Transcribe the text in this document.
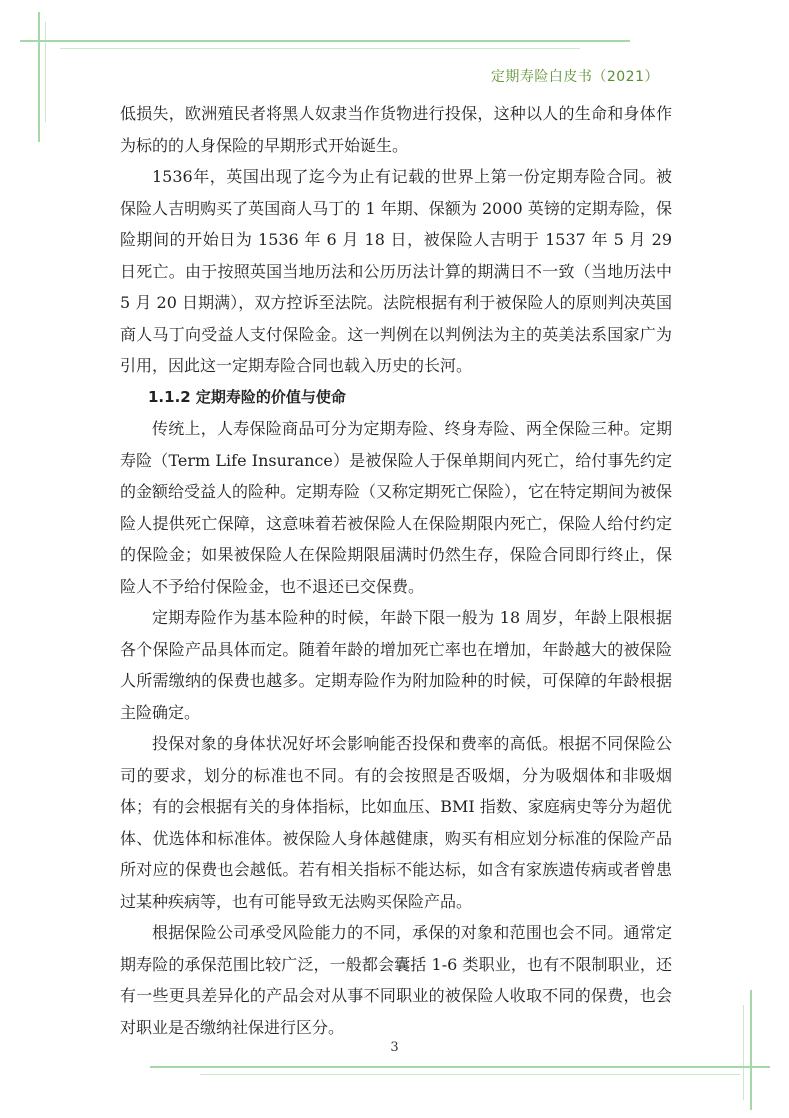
定期寿险白皮书（2021）

低损失，欧洲殖民者将黑人奴隶当作货物进行投保，这种以人的生命和身体作为标的的人身保险的早期形式开始诞生。

1536年，英国出现了迄今为止有记载的世界上第一份定期寿险合同。被保险人吉明购买了英国商人马丁的 1 年期、保额为 2000 英镑的定期寿险，保险期间的开始日为 1536 年 6 月 18 日，被保险人吉明于 1537 年 5 月 29 日死亡。由于按照英国当地历法和公历历法计算的期满日不一致（当地历法中 5 月 20 日期满），双方控诉至法院。法院根据有利于被保险人的原则判决英国商人马丁向受益人支付保险金。这一判例在以判例法为主的英美法系国家广为引用，因此这一定期寿险合同也载入历史的长河。

1.1.2 定期寿险的价值与使命

传统上，人寿保险商品可分为定期寿险、终身寿险、两全保险三种。定期寿险（Term Life Insurance）是被保险人于保单期间内死亡，给付事先约定的金额给受益人的险种。定期寿险（又称定期死亡保险），它在特定期间为被保险人提供死亡保障，这意味着若被保险人在保险期限内死亡，保险人给付约定的保险金；如果被保险人在保险期限届满时仍然生存，保险合同即行终止，保险人不予给付保险金，也不退还已交保费。

定期寿险作为基本险种的时候，年龄下限一般为 18 周岁，年龄上限根据各个保险产品具体而定。随着年龄的增加死亡率也在增加，年龄越大的被保险人所需缴纳的保费也越多。定期寿险作为附加险种的时候，可保障的年龄根据主险确定。

投保对象的身体状况好坏会影响能否投保和费率的高低。根据不同保险公司的要求，划分的标准也不同。有的会按照是否吸烟，分为吸烟体和非吸烟体；有的会根据有关的身体指标，比如血压、BMI 指数、家庭病史等分为超优体、优选体和标准体。被保险人身体越健康，购买有相应划分标准的保险产品所对应的保费也会越低。若有相关指标不能达标，如含有家族遗传病或者曾患过某种疾病等，也有可能导致无法购买保险产品。

根据保险公司承受风险能力的不同，承保的对象和范围也会不同。通常定期寿险的承保范围比较广泛，一般都会囊括 1-6 类职业，也有不限制职业，还有一些更具差异化的产品会对从事不同职业的被保险人收取不同的保费，也会对职业是否缴纳社保进行区分。

3
